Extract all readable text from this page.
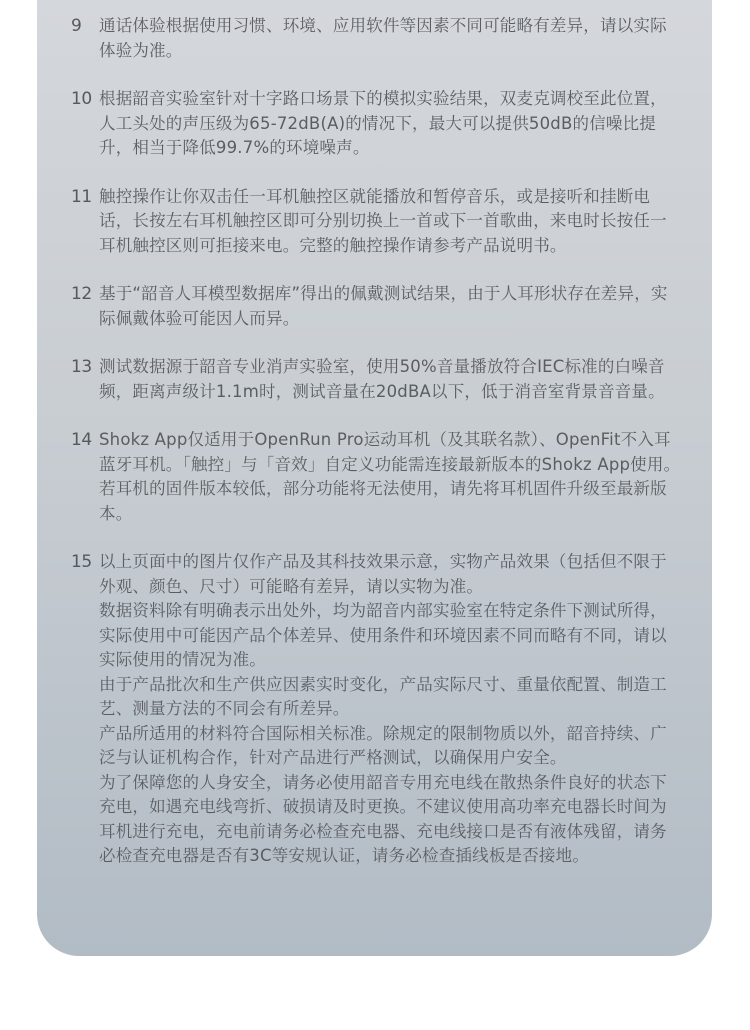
9	通话体验根据使用习惯、环境、应用软件等因素不同可能略有差异，请以实际体验为准。

10 根据韶音实验室针对十字路口场景下的模拟实验结果，双麦克调校至此位置，人工头处的声压级为65-72dB(A)的情况下，最大可以提供50dB的信噪比提升，相当于降低99.7%的环境噪声。

11 触控操作让你双击任一耳机触控区就能播放和暂停音乐，或是接听和挂断电话，长按左右耳机触控区即可分别切换上一首或下一首歌曲，来电时长按任一耳机触控区则可拒接来电。完整的触控操作请参考产品说明书。

12 基于“韶音人耳模型数据库”得出的佩戴测试结果，由于人耳形状存在差异，实际佩戴体验可能因人而异。

13 测试数据源于韶音专业消声实验室，使用50%音量播放符合IEC标准的白噪音频，距离声级计1.1m时，测试音量在20dBA以下，低于消音室背景音音量。

14 Shokz App仅适用于OpenRun Pro运动耳机（及其联名款）、OpenFit不入耳蓝牙耳机。「触控」与「音效」自定义功能需连接最新版本的Shokz App使用。若耳机的固件版本较低，部分功能将无法使用，请先将耳机固件升级至最新版本。

15 以上页面中的图片仅作产品及其科技效果示意，实物产品效果（包括但不限于外观、颜色、尺寸）可能略有差异，请以实物为准。

数据资料除有明确表示出处外，均为韶音内部实验室在特定条件下测试所得，实际使用中可能因产品个体差异、使用条件和环境因素不同而略有不同，请以实际使用的情况为准。

由于产品批次和生产供应因素实时变化，产品实际尺寸、重量依配置、制造工艺、测量方法的不同会有所差异。

产品所适用的材料符合国际相关标准。除规定的限制物质以外，韶音持续、广泛与认证机构合作，针对产品进行严格测试，以确保用户安全。

为了保障您的人身安全，请务必使用韶音专用充电线在散热条件良好的状态下充电，如遇充电线弯折、破损请及时更换。不建议使用高功率充电器长时间为耳机进行充电，充电前请务必检查充电器、充电线接口是否有液体残留，请务必检查充电器是否有3C等安规认证，请务必检查插线板是否接地。
